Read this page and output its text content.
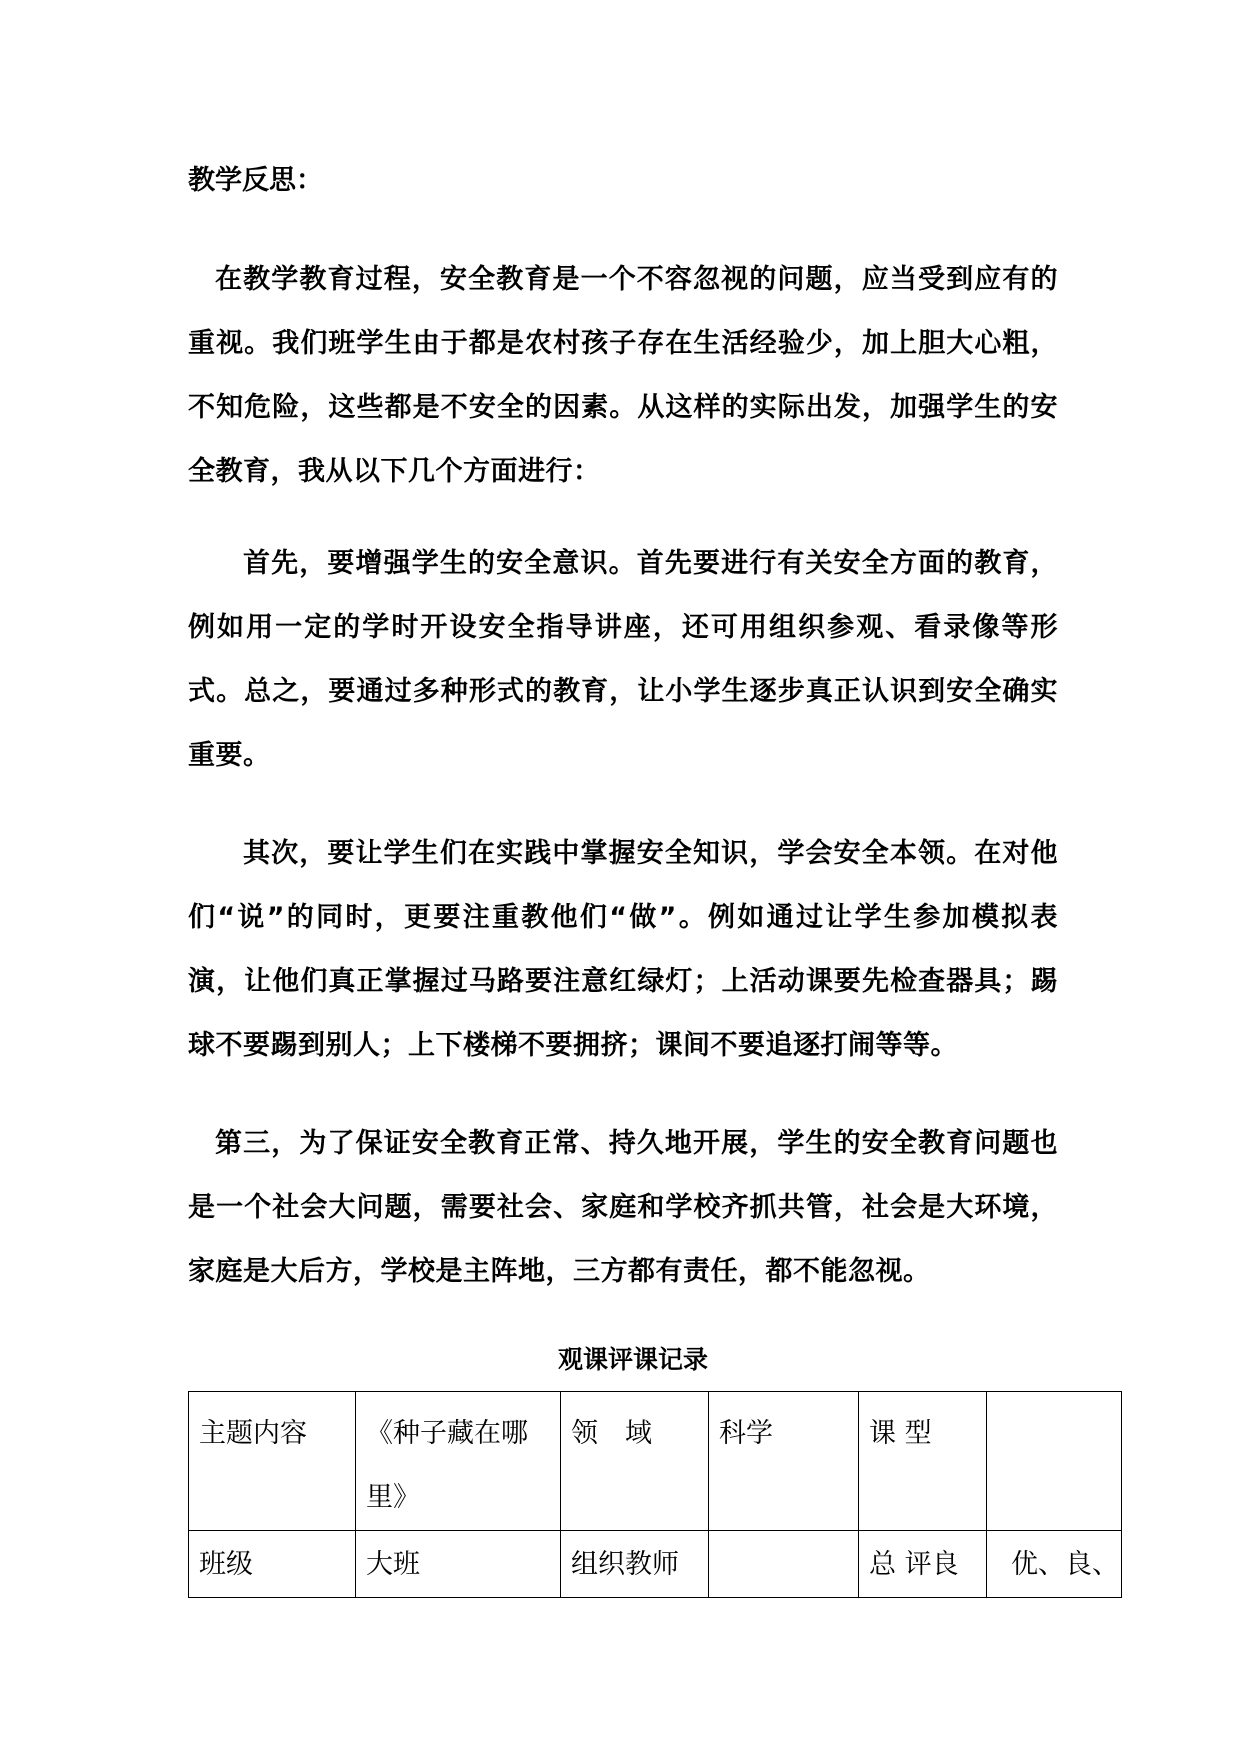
教学反思：

在教学教育过程，安全教育是一个不容忽视的问题，应当受到应有的重视。我们班学生由于都是农村孩子存在生活经验少，加上胆大心粗，不知危险，这些都是不安全的因素。从这样的实际出发，加强学生的安全教育，我从以下几个方面进行：

首先，要增强学生的安全意识。首先要进行有关安全方面的教育，例如用一定的学时开设安全指导讲座，还可用组织参观、看录像等形式。总之，要通过多种形式的教育，让小学生逐步真正认识到安全确实重要。

其次，要让学生们在实践中掌握安全知识，学会安全本领。在对他们“说”的同时，更要注重教他们“做”。例如通过让学生参加模拟表演，让他们真正掌握过马路要注意红绿灯；上活动课要先检查器具；踢球不要踢到别人；上下楼梯不要拥挤；课间不要追逐打闹等等。

第三，为了保证安全教育正常、持久地开展，学生的安全教育问题也是一个社会大问题，需要社会、家庭和学校齐抓共管，社会是大环境，家庭是大后方，学校是主阵地，三方都有责任，都不能忽视。

观课评课记录

主题内容	《种子藏在哪里》	领　域	科学	课 型	
班级	大班	组织教师		总 评良	优、良、
